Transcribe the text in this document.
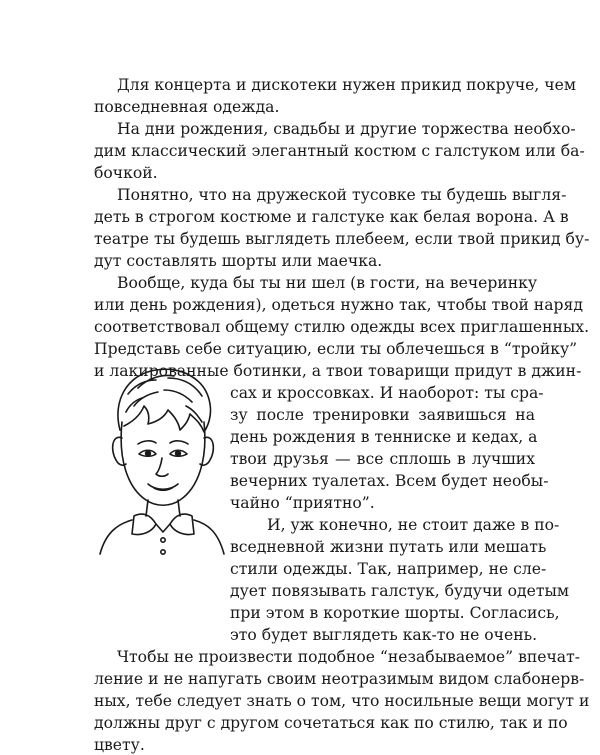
Для концерта и дискотеки нужен прикид покруче, чем
повседневная одежда.
На дни рождения, свадьбы и другие торжества необхо-
дим классический элегантный костюм с галстуком или ба-
бочкой.
Понятно, что на дружеской тусовке ты будешь выгля-
деть в строгом костюме и галстуке как белая ворона. А в
театре ты будешь выглядеть плебеем, если твой прикид бу-
дут составлять шорты или маечка.
Вообще, куда бы ты ни шел (в гости, на вечеринку
или день рождения), одеться нужно так, чтобы твой наряд
соответствовал общему стилю одежды всех приглашенных.
Представь себе ситуацию, если ты облечешься в “тройку”
и лакированные ботинки, а твои товарищи придут в джин-
сах и кроссовках. И наоборот: ты сра-
зу после тренировки заявишься на
день рождения в теннискe и кедах, а
твои друзья — все сплошь в лучших
вечерних туалетах. Всем будет необы-
чайно “приятно”.
И, уж конечно, не стоит даже в по-
вседневной жизни путать или мешать
стили одежды. Так, например, не сле-
дует повязывать галстук, будучи одетым
при этом в короткие шорты. Согласись,
это будет выглядеть как-то не очень.
Чтобы не произвести подобное “незабываемое” впечат-
ление и не напугать своим неотразимым видом слабонерв-
ных, тебе следует знать о том, что носильные вещи могут и
должны друг с другом сочетаться как по стилю, так и по
цвету.
